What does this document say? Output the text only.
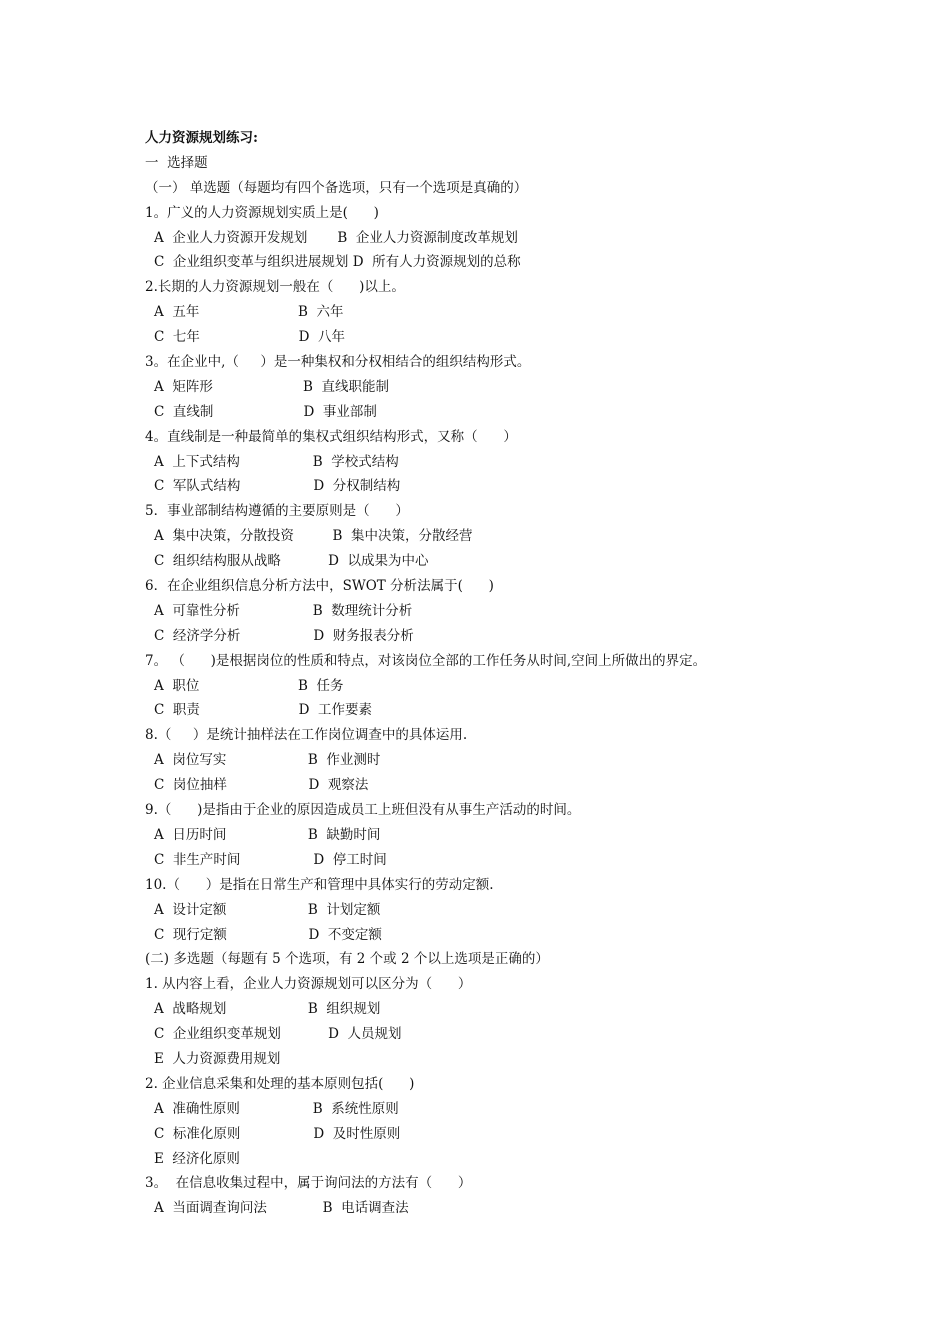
人力资源规划练习:
一  选择题
（一） 单选题（每题均有四个备选项，只有一个选项是真确的）
1。广义的人力资源规划实质上是(      )
A  企业人力资源开发规划       B  企业人力资源制度改革规划
C  企业组织变革与组织进展规划 D  所有人力资源规划的总称
2.长期的人力资源规划一般在（      )以上。
A  五年                       B  六年
C  七年                       D  八年
3。在企业中,（     ）是一种集权和分权相结合的组织结构形式。
A  矩阵形                     B  直线职能制
C  直线制                     D  事业部制
4。直线制是一种最简单的集权式组织结构形式，又称（      ）
A  上下式结构                 B  学校式结构
C  军队式结构                 D  分权制结构
5．事业部制结构遵循的主要原则是（      ）
A  集中决策，分散投资         B  集中决策，分散经营
C  组织结构服从战略           D  以成果为中心
6．在企业组织信息分析方法中，SWOT 分析法属于(      )
A  可靠性分析                 B  数理统计分析
C  经济学分析                 D  财务报表分析
7。 （      )是根据岗位的性质和特点，对该岗位全部的工作任务从时间,空间上所做出的界定。
A  职位                       B  任务
C  职责                       D  工作要素
8.（     ）是统计抽样法在工作岗位调查中的具体运用.
A  岗位写实                   B  作业测时
C  岗位抽样                   D  观察法
9.（      )是指由于企业的原因造成员工上班但没有从事生产活动的时间。
A  日历时间                   B  缺勤时间
C  非生产时间                 D  停工时间
10.（      ）是指在日常生产和管理中具体实行的劳动定额.
A  设计定额                   B  计划定额
C  现行定额                   D  不变定额
(二) 多选题（每题有 5 个选项，有 2 个或 2 个以上选项是正确的）
1. 从内容上看，企业人力资源规划可以区分为（      ）
A  战略规划                   B  组织规划
C  企业组织变革规划           D  人员规划
E  人力资源费用规划
2. 企业信息采集和处理的基本原则包括(      )
A  准确性原则                 B  系统性原则
C  标准化原则                 D  及时性原则
E  经济化原则
3。  在信息收集过程中，属于询问法的方法有（      ）
A  当面调查询问法             B  电话调查法
